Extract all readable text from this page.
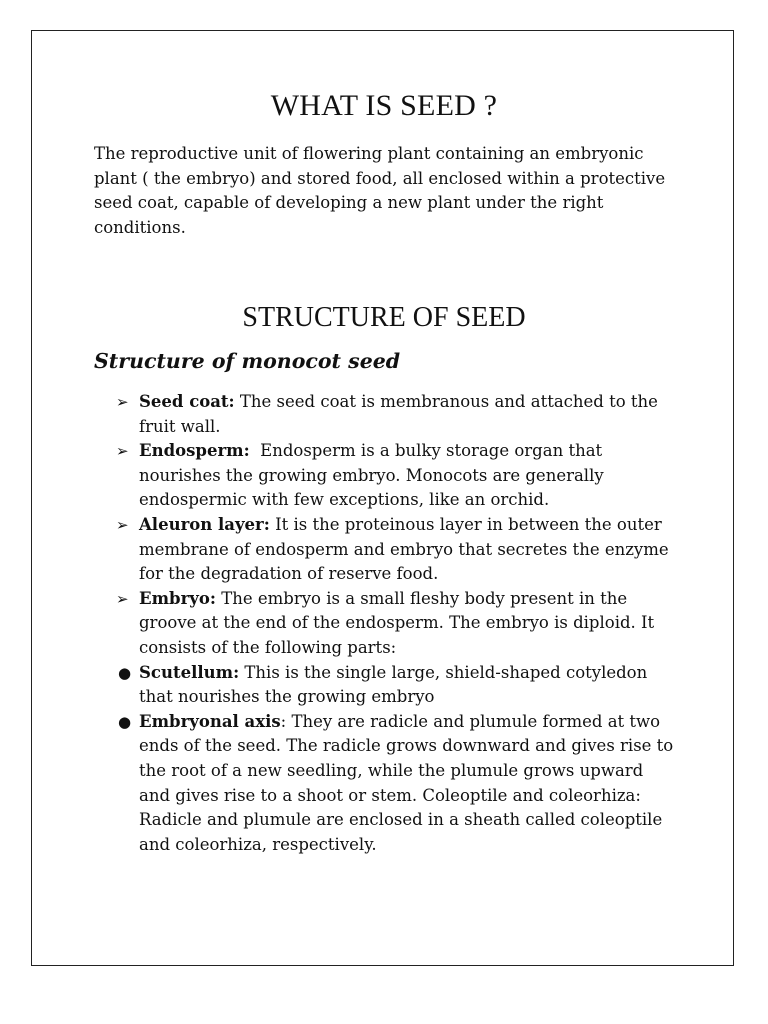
WHAT IS SEED ?

The reproductive unit of flowering plant containing an embryonic plant ( the embryo) and stored food, all enclosed within a protective seed coat, capable of developing a new plant under the right conditions.

STRUCTURE OF SEED
Structure of monocot seed
➢ Seed coat: The seed coat is membranous and attached to the fruit wall.
➢ Endosperm:  Endosperm is a bulky storage organ that nourishes the growing embryo. Monocots are generally endospermic with few exceptions, like an orchid.
➢ Aleuron layer: It is the proteinous layer in between the outer membrane of endosperm and embryo that secretes the enzyme for the degradation of reserve food.
➢ Embryo: The embryo is a small fleshy body present in the groove at the end of the endosperm. The embryo is diploid. It consists of the following parts:
● Scutellum: This is the single large, shield-shaped cotyledon that nourishes the growing embryo
● Embryonal axis: They are radicle and plumule formed at two ends of the seed. The radicle grows downward and gives rise to the root of a new seedling, while the plumule grows upward and gives rise to a shoot or stem. Coleoptile and coleorhiza: Radicle and plumule are enclosed in a sheath called coleoptile and coleorhiza, respectively.
